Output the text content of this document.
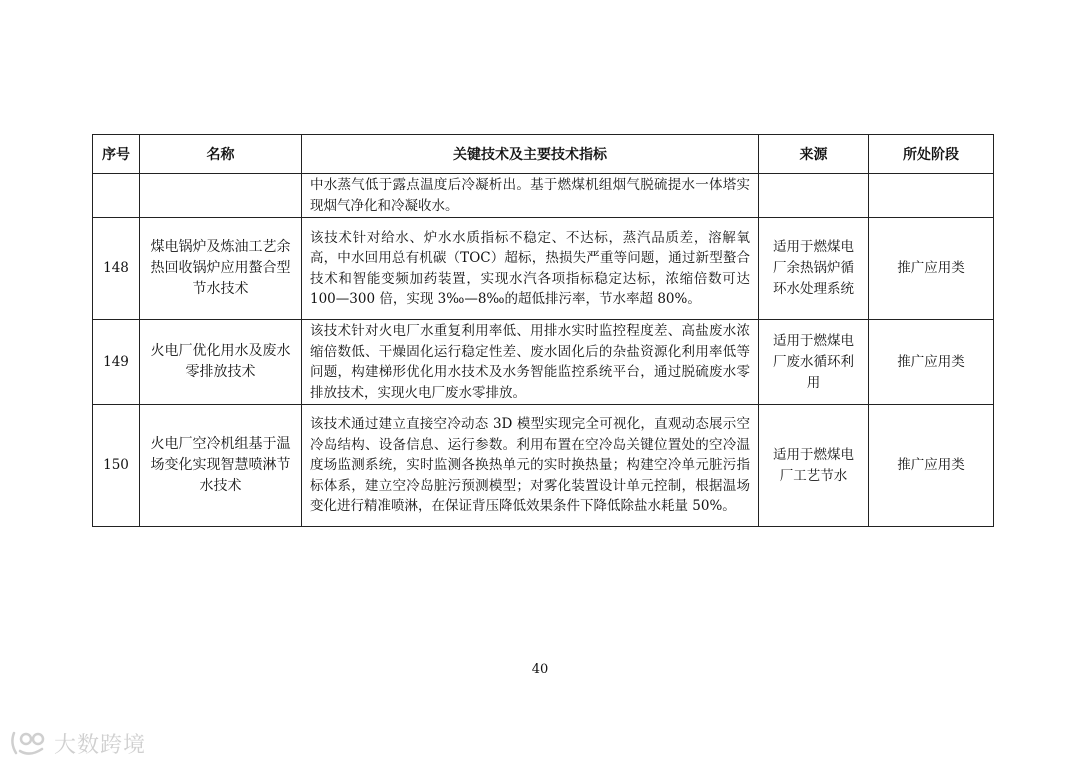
序号	名称	关键技术及主要技术指标	来源	所处阶段
		中水蒸气低于露点温度后冷凝析出。基于燃煤机组烟气脱硫提水一体塔实现烟气净化和冷凝收水。		
148	煤电锅炉及炼油工艺余热回收锅炉应用螯合型节水技术	该技术针对给水、炉水水质指标不稳定、不达标，蒸汽品质差，溶解氧高，中水回用总有机碳（TOC）超标，热损失严重等问题，通过新型螯合技术和智能变频加药装置，实现水汽各项指标稳定达标，浓缩倍数可达 100—300 倍，实现 3‰—8‰的超低排污率，节水率超 80%。	适用于燃煤电厂余热锅炉循环水处理系统	推广应用类
149	火电厂优化用水及废水零排放技术	该技术针对火电厂水重复利用率低、用排水实时监控程度差、高盐废水浓缩倍数低、干燥固化运行稳定性差、废水固化后的杂盐资源化利用率低等问题，构建梯形优化用水技术及水务智能监控系统平台，通过脱硫废水零排放技术，实现火电厂废水零排放。	适用于燃煤电厂废水循环利用	推广应用类
150	火电厂空冷机组基于温场变化实现智慧喷淋节水技术	该技术通过建立直接空冷动态 3D 模型实现完全可视化，直观动态展示空冷岛结构、设备信息、运行参数。利用布置在空冷岛关键位置处的空冷温度场监测系统，实时监测各换热单元的实时换热量；构建空冷单元脏污指标体系，建立空冷岛脏污预测模型；对雾化装置设计单元控制，根据温场变化进行精准喷淋，在保证背压降低效果条件下降低除盐水耗量 50%。	适用于燃煤电厂工艺节水	推广应用类
40
大数跨境
